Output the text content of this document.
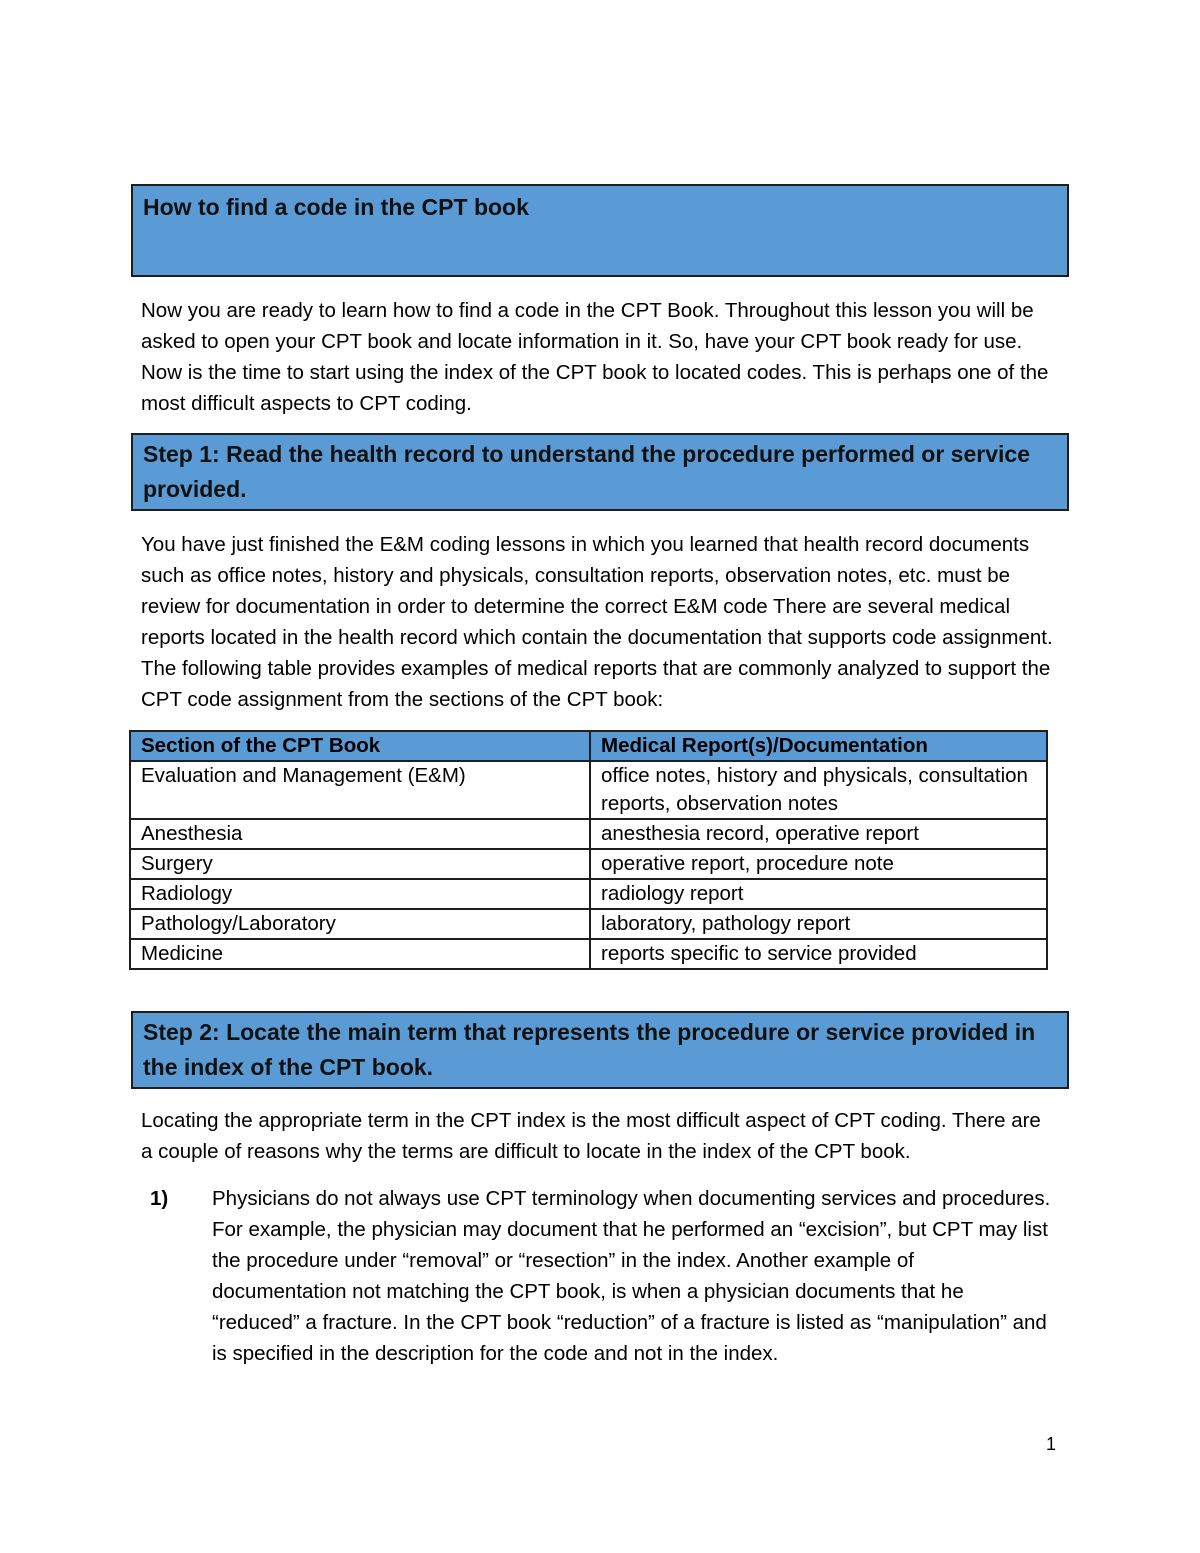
How to find a code in the CPT book

Now you are ready to learn how to find a code in the CPT Book. Throughout this lesson you will be asked to open your CPT book and locate information in it. So, have your CPT book ready for use. Now is the time to start using the index of the CPT book to located codes. This is perhaps one of the most difficult aspects to CPT coding.

Step 1: Read the health record to understand the procedure performed or service provided.

You have just finished the E&M coding lessons in which you learned that health record documents such as office notes, history and physicals, consultation reports, observation notes, etc. must be review for documentation in order to determine the correct E&M code There are several medical reports located in the health record which contain the documentation that supports code assignment. The following table provides examples of medical reports that are commonly analyzed to support the CPT code assignment from the sections of the CPT book:

Section of the CPT Book	Medical Report(s)/Documentation
Evaluation and Management (E&M)	office notes, history and physicals, consultation reports, observation notes
Anesthesia	anesthesia record, operative report
Surgery	operative report, procedure note
Radiology	radiology report
Pathology/Laboratory	laboratory, pathology report
Medicine	reports specific to service provided
Step 2: Locate the main term that represents the procedure or service provided in the index of the CPT book.

Locating the appropriate term in the CPT index is the most difficult aspect of CPT coding. There are a couple of reasons why the terms are difficult to locate in the index of the CPT book.

1) Physicians do not always use CPT terminology when documenting services and procedures. For example, the physician may document that he performed an “excision”, but CPT may list the procedure under “removal” or “resection” in the index. Another example of documentation not matching the CPT book, is when a physician documents that he “reduced” a fracture. In the CPT book “reduction” of a fracture is listed as “manipulation” and is specified in the description for the code and not in the index.

1
